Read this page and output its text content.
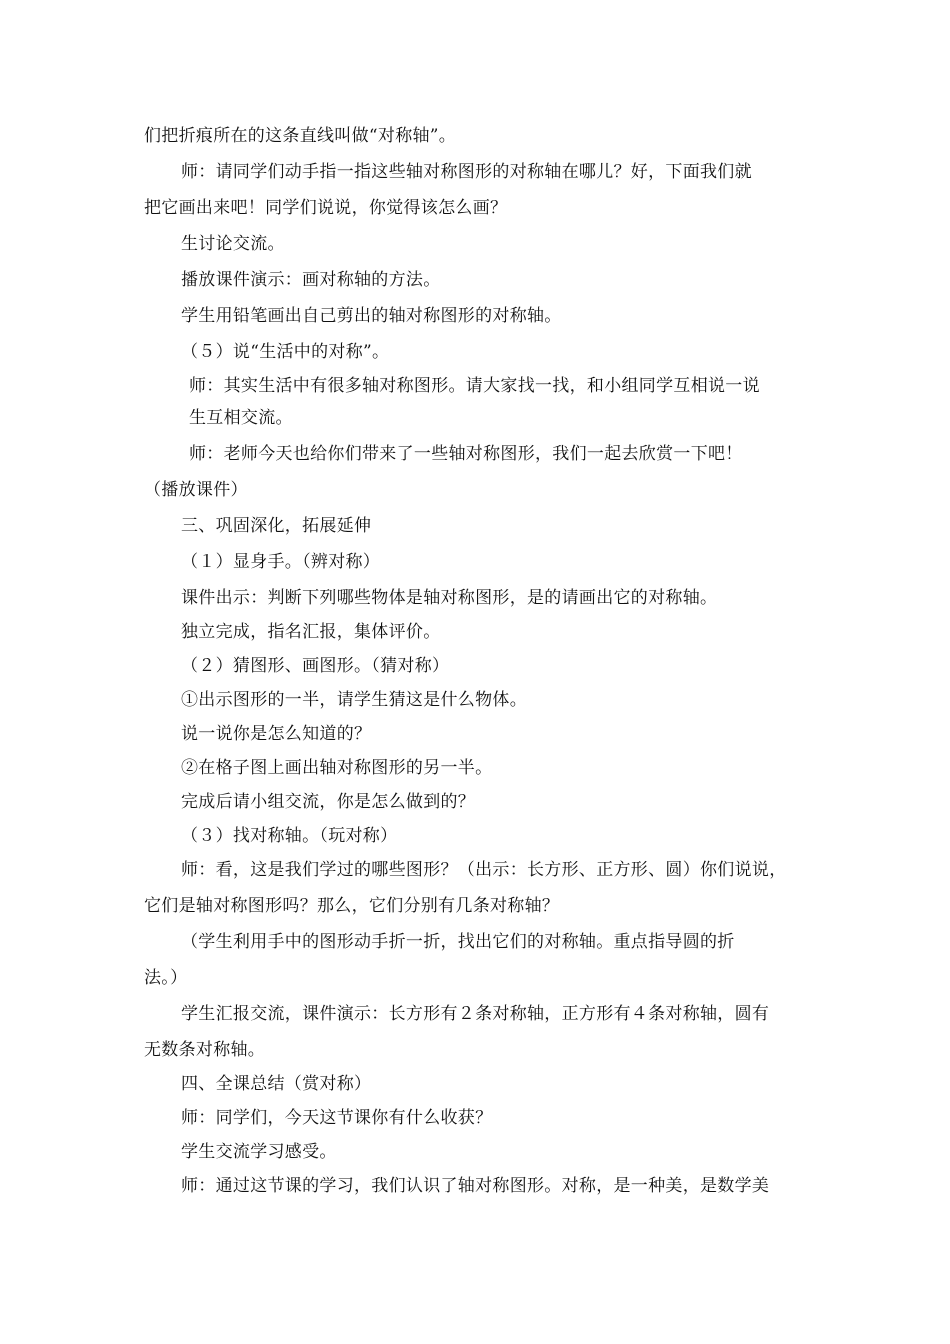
们把折痕所在的这条直线叫做“对称轴”。
师：请同学们动手指一指这些轴对称图形的对称轴在哪儿？好，下面我们就
把它画出来吧！同学们说说，你觉得该怎么画？
生讨论交流。
播放课件演示：画对称轴的方法。
学生用铅笔画出自己剪出的轴对称图形的对称轴。
（５）说“生活中的对称”。
师：其实生活中有很多轴对称图形。请大家找一找，和小组同学互相说一说
生互相交流。
师：老师今天也给你们带来了一些轴对称图形，我们一起去欣赏一下吧！
（播放课件）
三、巩固深化，拓展延伸
（１）显身手。（辨对称）
课件出示：判断下列哪些物体是轴对称图形，是的请画出它的对称轴。
独立完成，指名汇报，集体评价。
（２）猜图形、画图形。（猜对称）
①出示图形的一半，请学生猜这是什么物体。
说一说你是怎么知道的？
②在格子图上画出轴对称图形的另一半。
完成后请小组交流，你是怎么做到的？
（３）找对称轴。（玩对称）
师：看，这是我们学过的哪些图形？（出示：长方形、正方形、圆）你们说说，
它们是轴对称图形吗？那么，它们分别有几条对称轴？
（学生利用手中的图形动手折一折，找出它们的对称轴。重点指导圆的折
法。）
学生汇报交流，课件演示：长方形有２条对称轴，正方形有４条对称轴，圆有
无数条对称轴。
四、全课总结（赏对称）
师：同学们，今天这节课你有什么收获？
学生交流学习感受。
师：通过这节课的学习，我们认识了轴对称图形。对称，是一种美，是数学美
